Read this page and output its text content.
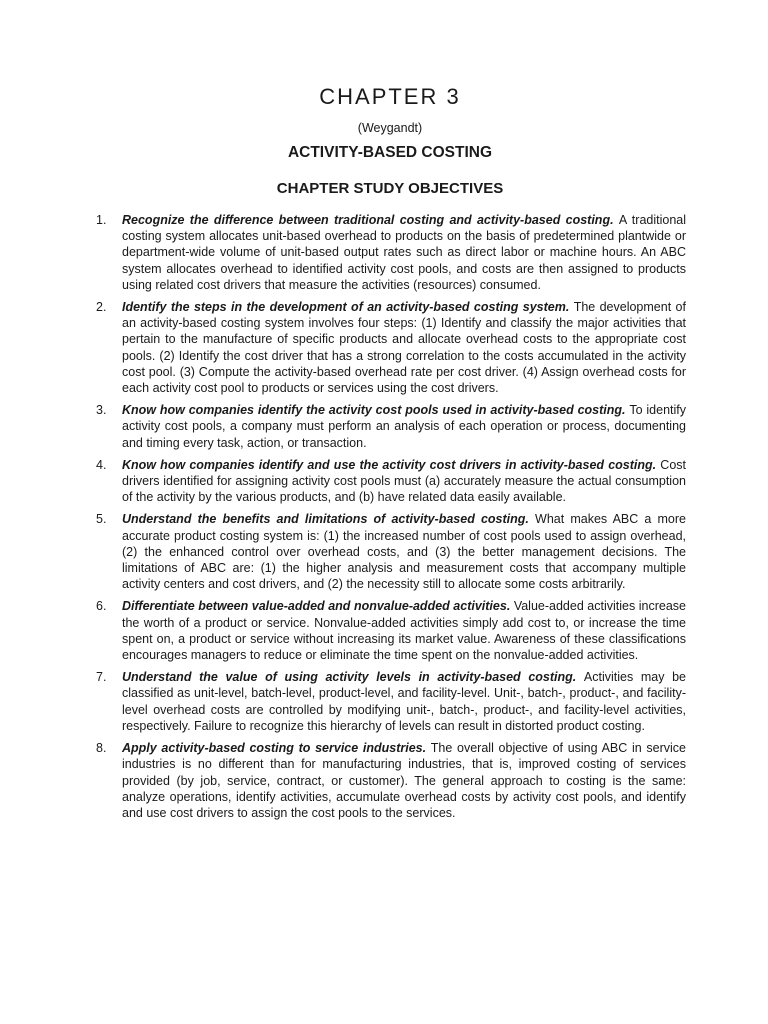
CHAPTER 3

(Weygandt)

ACTIVITY-BASED COSTING
CHAPTER STUDY OBJECTIVES
1. Recognize the difference between traditional costing and activity-based costing. A traditional costing system allocates unit-based overhead to products on the basis of predetermined plantwide or department-wide volume of unit-based output rates such as direct labor or machine hours. An ABC system allocates overhead to identified activity cost pools, and costs are then assigned to products using related cost drivers that measure the activities (resources) consumed.
2. Identify the steps in the development of an activity-based costing system. The development of an activity-based costing system involves four steps: (1) Identify and classify the major activities that pertain to the manufacture of specific products and allocate overhead costs to the appropriate cost pools. (2) Identify the cost driver that has a strong correlation to the costs accumulated in the activity cost pool. (3) Compute the activity-based overhead rate per cost driver. (4) Assign overhead costs for each activity cost pool to products or services using the cost drivers.
3. Know how companies identify the activity cost pools used in activity-based costing. To identify activity cost pools, a company must perform an analysis of each operation or process, documenting and timing every task, action, or transaction.
4. Know how companies identify and use the activity cost drivers in activity-based costing. Cost drivers identified for assigning activity cost pools must (a) accurately measure the actual consumption of the activity by the various products, and (b) have related data easily available.
5. Understand the benefits and limitations of activity-based costing. What makes ABC a more accurate product costing system is: (1) the increased number of cost pools used to assign overhead, (2) the enhanced control over overhead costs, and (3) the better management decisions. The limitations of ABC are: (1) the higher analysis and measurement costs that accompany multiple activity centers and cost drivers, and (2) the necessity still to allocate some costs arbitrarily.
6. Differentiate between value-added and nonvalue-added activities. Value-added activities increase the worth of a product or service. Nonvalue-added activities simply add cost to, or increase the time spent on, a product or service without increasing its market value. Awareness of these classifications encourages managers to reduce or eliminate the time spent on the nonvalue-added activities.
7. Understand the value of using activity levels in activity-based costing. Activities may be classified as unit-level, batch-level, product-level, and facility-level. Unit-, batch-, product-, and facility-level overhead costs are controlled by modifying unit-, batch-, product-, and facility-level activities, respectively. Failure to recognize this hierarchy of levels can result in distorted product costing.
8. Apply activity-based costing to service industries. The overall objective of using ABC in service industries is no different than for manufacturing industries, that is, improved costing of services provided (by job, service, contract, or customer). The general approach to costing is the same: analyze operations, identify activities, accumulate overhead costs by activity cost pools, and identify and use cost drivers to assign the cost pools to the services.
